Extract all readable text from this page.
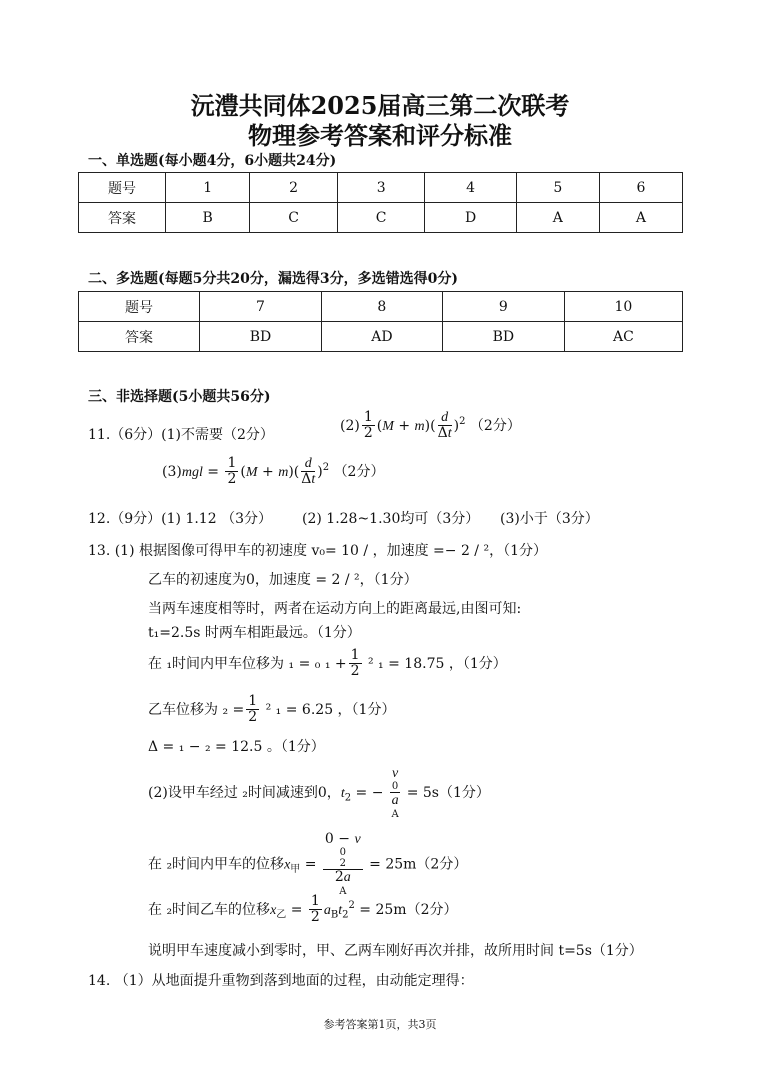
沅澧共同体2025届高三第二次联考
物理参考答案和评分标准
一、单选题(每小题4分，6小题共24分)
题号	1	2	3	4	5	6
答案	B	C	C	D	A	A
二、多选题(每题5分共20分，漏选得3分，多选错选得0分)
题号	7	8	9	10
答案	BD	AD	BD	AC
三、非选择题(5小题共56分)
11.（6分）(1)不需要（2分）
$(2) \frac{1}{2} (M + m)( \frac{d}{\Delta t} )^2$ （2分）
$(3)mgl = \frac{1}{2} (M + m)( \frac{d}{\Delta t} )^2$ （2分）
12.（9分）(1) 1.12 （3分） (2) 1.28~1.30均可（3分） (3)小于（3分）
13. (1) 根据图像可得甲车的初速度 v₀= 10 / ，加速度 =− 2 / ²，（1分）
乙车的初速度为0，加速度 = 2 / ²，（1分）
当两车速度相等时，两者在运动方向上的距离最远,由图可知:
t₁=2.5s 时两车相距最远。（1分）
在 ₁时间内甲车位移为 ₁ = ₀ $_1 + \frac{1}{2} ^2$ ₁ = 18.75 ，（1分）
乙车位移为 $_2 = \frac{1}{2} ^2$ ₁ = 6.25 ，（1分）
Δ = ₁ − ₂ = 12.5 。（1分）
(2)设甲车经过 ₂时间减速到0，$t_2$ = − v
0
a
A = 5s（1分）
在 ₂时间内甲车的位移$x_甲 = 0 - v$
0
2
2a
A = 25m（2分）
在 ₂时间乙车的位移$x_乙 = \frac{1}{2} a_Bt_2^2 = 25m(2$分）
说明甲车速度减小到零时，甲、乙两车刚好再次并排，故所用时间 t=5s（1分）
14. （1）从地面提升重物到落到地面的过程，由动能定理得：
参考答案第1页，共3页
